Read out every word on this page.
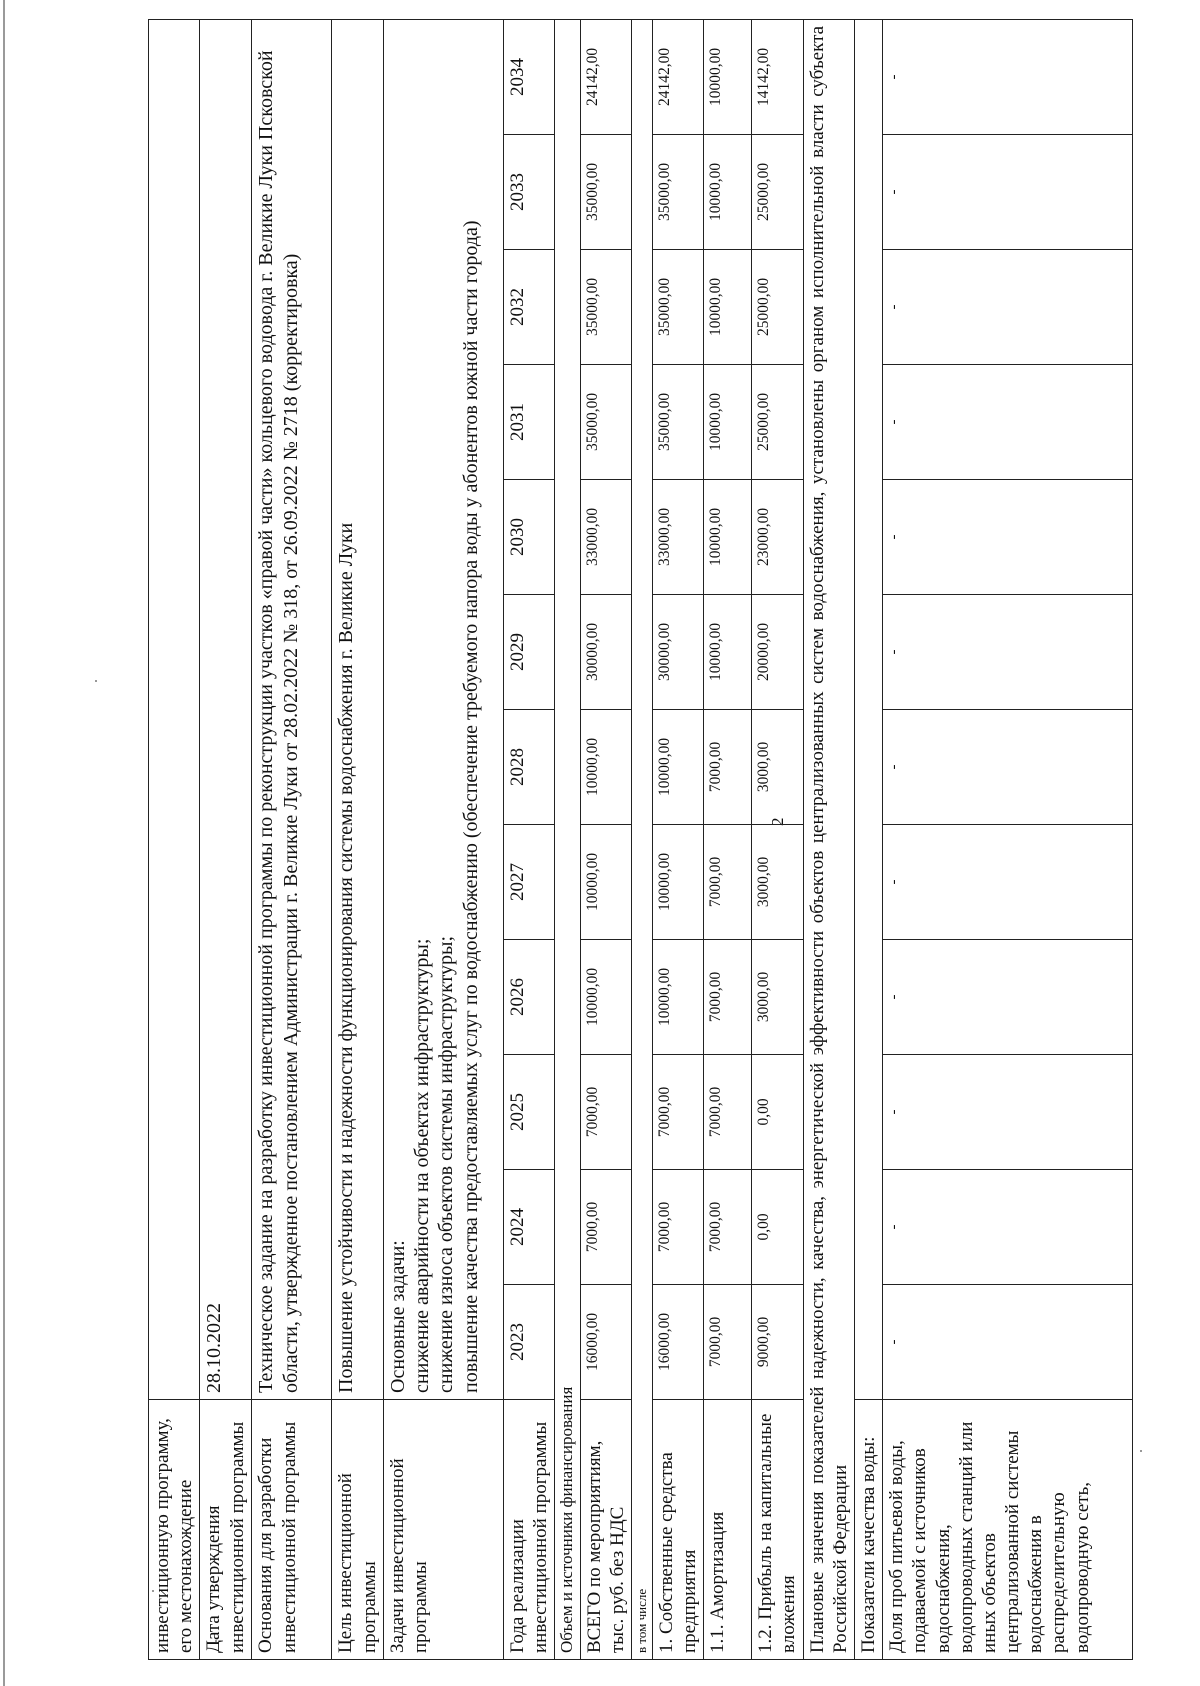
2
инвестиционную программу, его местонахождение												
Дата утверждения инвестиционной программы	28.10.2022											
Основания для разработки инвестиционной программы	Техническое задание на разработку инвестиционной программы по реконструкции участков «правой части» кольцевого водовода г. Великие Луки Псковской области, утвержденное постановлением Администрации г. Великие Луки от 28.02.2022 № 318, от 26.09.2022 № 2718 (корректировка)											
Цель инвестиционной программы	Повышение устойчивости и надежности функционирования системы водоснабжения г. Великие Луки											
Задачи инвестиционной программы	Основные задачи: снижение аварийности на объектах инфраструктуры; снижение износа объектов системы инфраструктуры; повышение качества предоставляемых услуг по водоснабжению (обеспечение требуемого напора воды у абонентов южной части города)											

Года реализации инвестиционной программы	2023	2024	2025	2026	2027	2028	2029	2030	2031	2032	2033	2034
Объем и источники финансирования												
ВСЕГО по мероприятиям, тыс. руб. без НДС	16000,00	7000,00	7000,00	10000,00	10000,00	10000,00	30000,00	33000,00	35000,00	35000,00	35000,00	24142,00
в том числе												
1. Собственные средства предприятия	16000,00	7000,00	7000,00	10000,00	10000,00	10000,00	30000,00	33000,00	35000,00	35000,00	35000,00	24142,00
1.1. Амортизация	7000,00	7000,00	7000,00	7000,00	7000,00	7000,00	10000,00	10000,00	10000,00	10000,00	10000,00	10000,00
1.2. Прибыль на капитальные вложения	9000,00	0,00	0,00	3000,00	3000,00	3000,00	20000,00	23000,00	25000,00	25000,00	25000,00	14142,00
Плановые значения показателей надежности, качества, энергетической эффективности объектов централизованных систем водоснабжения, установлены органом исполнительной власти субъекта Российской Федерации												
Показатели качества воды:												
Доля проб питьевой воды, подаваемой с источников водоснабжения, водопроводных станций или иных объектов централизованной системы водоснабжения в распределительную водопроводную сеть,	-	-	-	-	-	-	-	-	-	-	-	-
